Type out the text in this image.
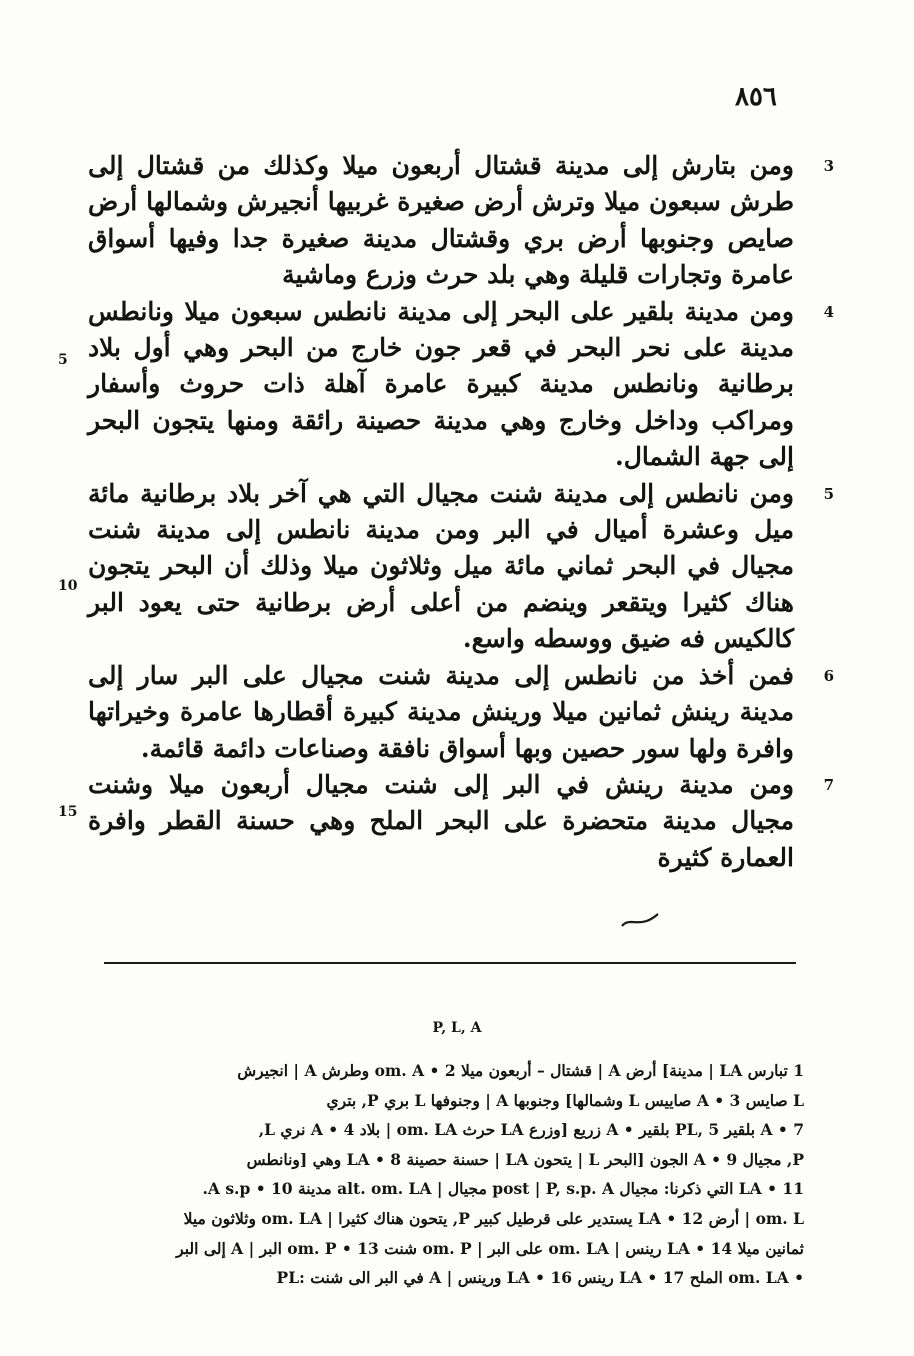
٨٥٦
5
10
15
3
ومن بتارش إلى مدينة قشتال أربعون ميلا وكذلك من قشتال إلى طرش سبعون ميلا وترش أرض صغيرة غربيها أنجيرش وشمالها أرض صايص وجنوبها أرض بري وقشتال مدينة صغيرة جدا وفيها أسواق عامرة وتجارات قليلة وهي بلد حرث وزرع وماشية
4
ومن مدينة بلقير على البحر إلى مدينة نانطس سبعون ميلا ونانطس مدينة على نحر البحر في قعر جون خارج من البحر وهي أول بلاد برطانية ونانطس مدينة كبيرة عامرة آهلة ذات حروث وأسفار ومراكب وداخل وخارج وهي مدينة حصينة رائقة ومنها يتجون البحر إلى جهة الشمال.
5
ومن نانطس إلى مدينة شنت مجيال التي هي آخر بلاد برطانية مائة ميل وعشرة أميال في البر ومن مدينة نانطس إلى مدينة شنت مجيال في البحر ثماني مائة ميل وثلاثون ميلا وذلك أن البحر يتجون هناك كثيرا ويتقعر وينضم من أعلى أرض برطانية حتى يعود البر كالكيس فه ضيق ووسطه واسع.
6
فمن أخذ من نانطس إلى مدينة شنت مجيال على البر سار إلى مدينة رينش ثمانين ميلا ورينش مدينة كبيرة أقطارها عامرة وخيراتها وافرة ولها سور حصين وبها أسواق نافقة وصناعات دائمة قائمة.
7
ومن مدينة رينش في البر إلى شنت مجيال أربعون ميلا وشنت مجيال مدينة متحضرة على البحر الملح وهي حسنة القطر وافرة العمارة كثيرة
P, L, A
1 تبارس LA | مدينة] أرض A | قشتال – أربعون ميلا om. A • 2 وطرش A | انجيرش
L صايس A • 3 صاييس L وشمالها] وجنوبها A | وجنوفها L بري P, بتري
7 • A بلقير PL, 5 بلقير • A زريع [وزرع LA حرث om. LA | بلاد 4 • A نري L,
P, مجيال 9 • A الجون [البحر L | يتحون LA | حسنة حصينة 8 • LA وهي [ونانطس
11 • LA التي ذكرنا: مجيال post | P, s.p. A مجيال | alt. om. LA مدينة 10 • A s.p.
om. L | أرض 12 • LA يستدير على قرطيل كبير P, يتحون هناك كثيرا | om. LA وثلاثون ميلا
ثمانين ميلا 14 • LA رينس | om. LA على البر | om. P شنت 13 • om. P البر | A إلى البر
• om. LA الملح 17 • LA رينس 16 • LA ورينس | A في البر الى شنت :PL
